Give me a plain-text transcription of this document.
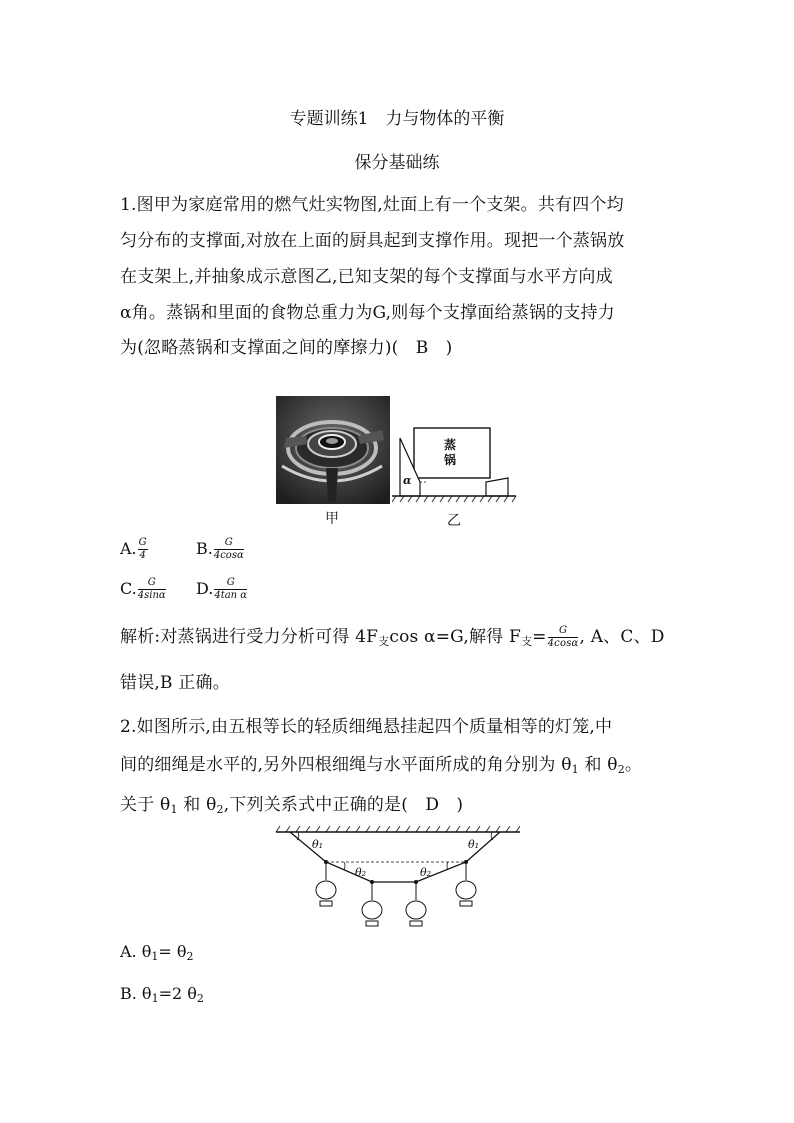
专题训练1　力与物体的平衡
保分基础练
1.图甲为家庭常用的燃气灶实物图,灶面上有一个支架。共有四个均
匀分布的支撑面,对放在上面的厨具起到支撑作用。现把一个蒸锅放
在支架上,并抽象成示意图乙,已知支架的每个支撑面与水平方向成
α角。蒸锅和里面的食物总重力为G,则每个支撑面给蒸锅的支持力
为(忽略蒸锅和支撑面之间的摩擦力)(　B　)
甲
蒸
锅
α
乙
A. $\frac{G}{4}$	B. $\frac{G}{4\cos\alpha}$
C. $\frac{G}{4\sin\alpha} D$. $\frac{G}{\text{4tan α}}$
解析:对蒸锅进行受力分析可得 $4F_支\cos$ α=G,解得 $F_支= \frac{G}{4\cos\alpha}$ , A、C、D
错误,B 正确。
2.如图所示,由五根等长的轻质细绳悬挂起四个质量相等的灯笼,中
间的细绳是水平的,另外四根细绳与水平面所成的角分别为 $\theta_1$ 和 $\theta_2$。
关于 $\theta_1$ 和 $\theta_2$,下列关系式中正确的是(　D　)
θ₁	θ₁
θ₂	θ₂
A. $\theta_1= \theta_2$
B. $\theta_1=2$ $\theta_2$
